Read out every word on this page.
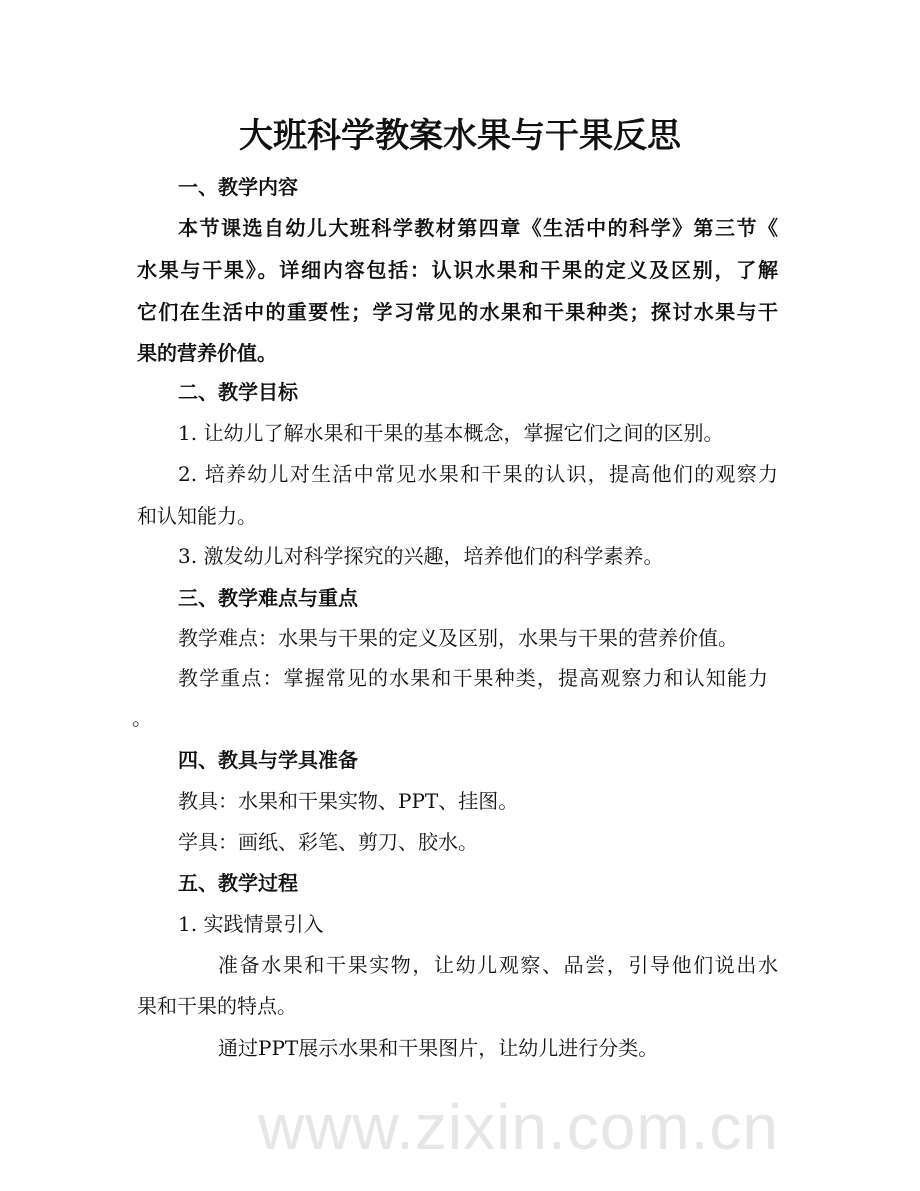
www.zixin.com.cn
大班科学教案水果与干果反思
一、教学内容
本节课选自幼儿大班科学教材第四章《生活中的科学》第三节《
水果与干果》。详细内容包括：认识水果和干果的定义及区别，了解
它们在生活中的重要性；学习常见的水果和干果种类；探讨水果与干
果的营养价值。
二、教学目标
1. 让幼儿了解水果和干果的基本概念，掌握它们之间的区别。
2. 培养幼儿对生活中常见水果和干果的认识，提高他们的观察力
和认知能力。
3. 激发幼儿对科学探究的兴趣，培养他们的科学素养。
三、教学难点与重点
教学难点：水果与干果的定义及区别，水果与干果的营养价值。
教学重点：掌握常见的水果和干果种类，提高观察力和认知能力
。
四、教具与学具准备
教具：水果和干果实物、PPT、挂图。
学具：画纸、彩笔、剪刀、胶水。
五、教学过程
1. 实践情景引入
准备水果和干果实物，让幼儿观察、品尝，引导他们说出水
果和干果的特点。
通过PPT展示水果和干果图片，让幼儿进行分类。
